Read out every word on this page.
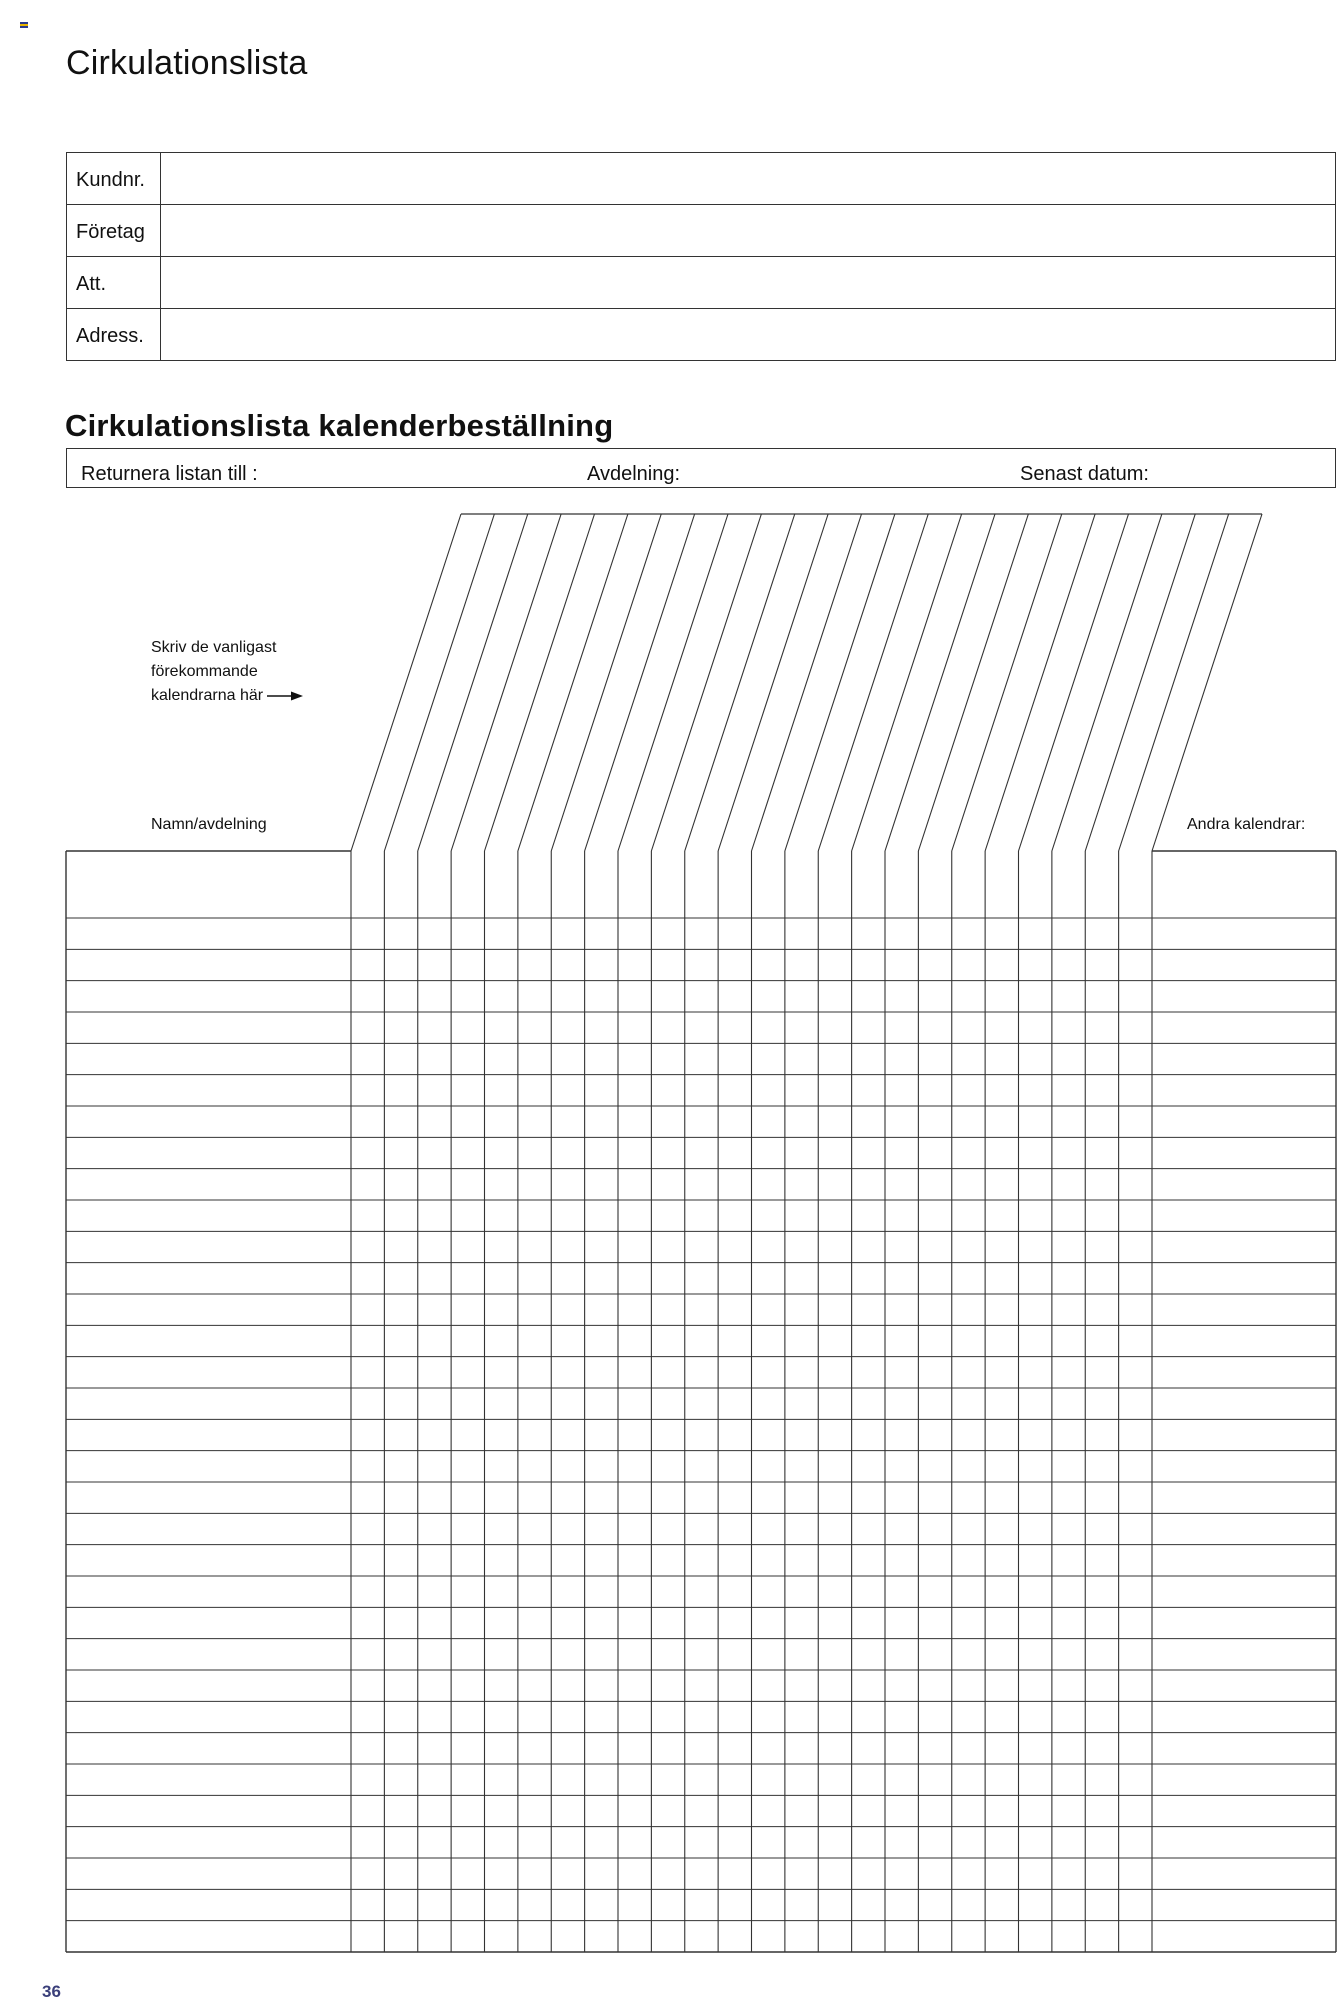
Cirkulationslista
Kundnr.	
Företag	
Att.	
Adress.	
Cirkulationslista kalenderbeställning
Returnera listan till :	Avdelning:	Senast datum:
Skriv de vanligast
förekommande
kalendrarna här
Namn/avdelning	Andra kalendrar:
36
